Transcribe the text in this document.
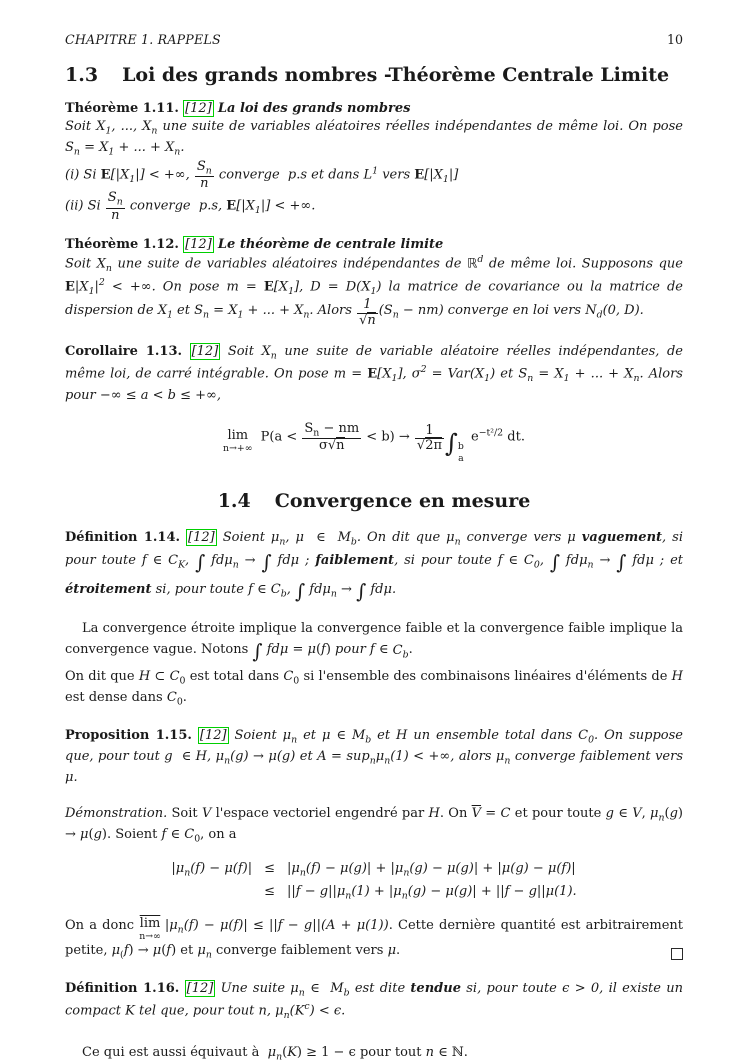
CHAPITRE 1. RAPPELS	10
1.3 Loi des grands nombres -Théorème Centrale Limite
Théorème 1.11. [12] La loi des grands nombres
Soit $X_1$, ..., $X_n$ une suite de variables aléatoires réelles indépendantes de même loi. On pose $S_n = X_1$ + ... + $X_n$.
(i) Si $E[|X_1|]$ < +∞, $\frac{S_n}{n}$ converge  p.s et dans $L^1$ vers $E[|X_1|]$
(ii) Si $\frac{S_n}{n}$ converge  p.s, $E[|X_1|]$ < +∞.
Théorème 1.12. [12] Le théorème de centrale limite
Soit $X_n$ une suite de variables aléatoires indépendantes de ℝ$^d$ de même loi. Supposons que $E|X_1|^2$ < +∞. On pose $m = E[X_1]$, $D = D(X_1)$ la matrice de covariance ou la matrice de dispersion de $X_1$ et $S_n = X_1$ + ... + $X_n$. Alors $\frac{1}{√n} (S_n - nm)$ converge en loi vers $N_d(0$, D).
Corollaire 1.13. [12] Soit $X_n$ une suite de variable aléatoire réelles indépendantes, de même loi, de carré intégrable. On pose $m = E[X_1]$, $\sigma^2 = Var(X_1)$ et $S_n = X_1$ + ... + $X_n$. Alors pour −∞ ≤ a < b ≤ +∞,
lim
n→+∞
$P(a < \frac{S_n - nm}{\sigma√n} < b) \to \frac{1}{√2\pi}$ ∫ b
a
$e^{-t^2/2}$ dt.
1.4 Convergence en mesure
Définition 1.14. [12] Soient $\mu_n$, μ  ∈  $M_b$. On dit que $\mu_n$ converge vers μ vaguement, si pour toute f ∈ $C_K$, ∫ fdμ$_n$ → ∫ fdμ ; faiblement, si pour toute f ∈ $C_0$, ∫ fdμ$_n$ → ∫ fdμ ; et étroitement si, pour toute f ∈ $C_b$, ∫ fdμ$_n$ → ∫ fdμ.
La convergence étroite implique la convergence faible et la convergence faible implique la convergence vague. Notons ∫ fdμ = μ(f) pour f ∈ $C_b$.
On dit que H ⊂ $C_0$ est total dans $C_0$ si l'ensemble des combinaisons linéaires d'éléments de H est dense dans $C_0$.
Proposition 1.15. [12] Soient $\mu_n$ et μ ∈ $M_b$ et H un ensemble total dans $C_0$. On suppose que, pour tout g  ∈ H, $\mu_n(g) \to \mu(g)$ et $A = sup_n\mu_n(1)$ < +∞, alors $\mu_n$ converge faiblement vers μ.
Démonstration. Soit V l'espace vectoriel engendré par H. On $\overline{V} = C$ et pour toute g ∈ V, $\mu_n(g) \to \mu(g)$. Soient f ∈ $C_0$, on a
$|\mu_n(f) - \mu(f)| \le |\mu_n(f) - \mu(g)| + |\mu_n(g) - \mu(g)| + |\mu(g) - \mu(f)|$
≤ $||f - g||\mu_n(1) + |\mu_n(g) - \mu(g)| + ||f - g||\mu(1)$.
On a donc $\overline{lim}$
n→∞
$|\mu_n(f) - \mu(f)| \le ||f - g||(A + \mu(1))$. Cette dernière quantité est arbitrairement petite, $\mu_(f) \to \mu(f)$ et $\mu_n$ converge faiblement vers μ.
Définition 1.16. [12] Une suite $\mu_n$ ∈  $M_b$ est dite tendue si, pour toute ϵ > 0, il existe un compact K tel que, pour tout n, $\mu_n(K^c) < \epsilon$.
Ce qui est aussi équivaut à  $\mu_n(K) \ge 1 - \epsilon$ pour tout n ∈ ℕ.
